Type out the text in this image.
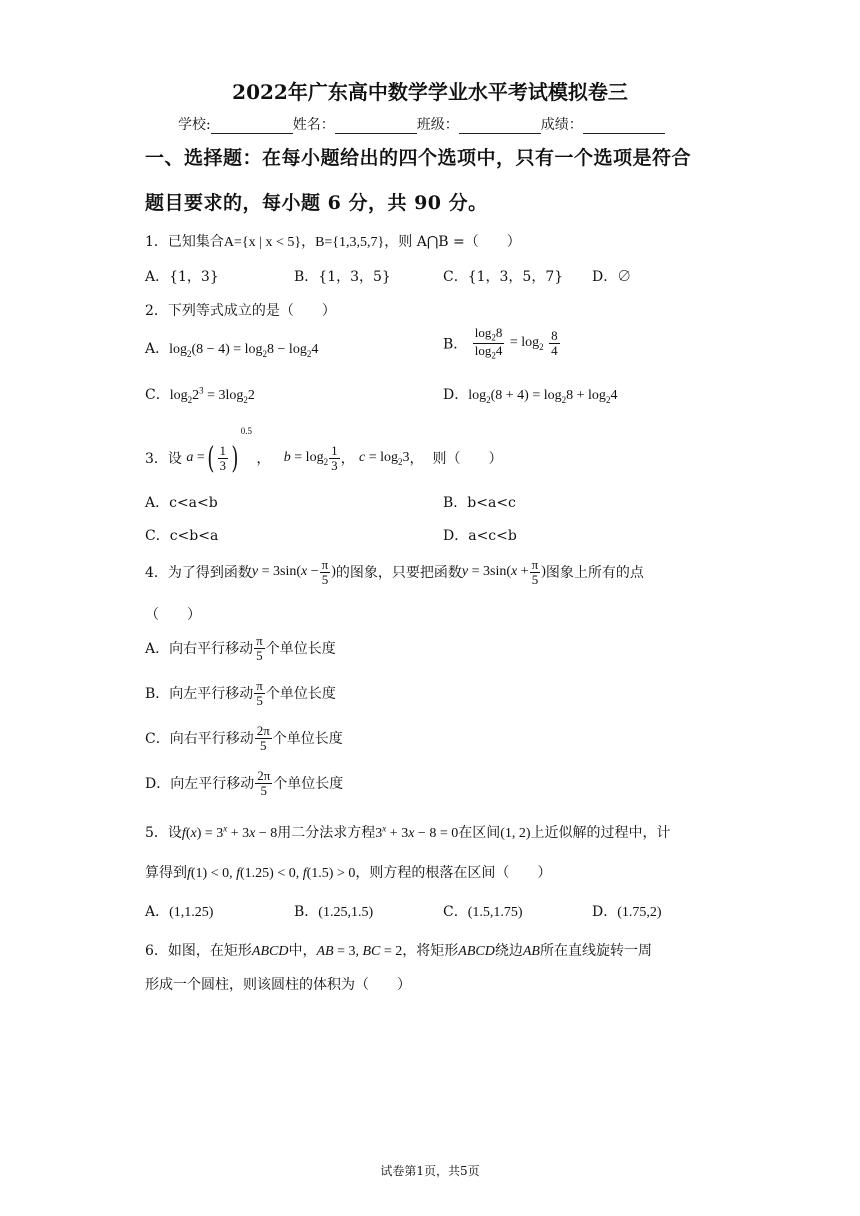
2022年广东高中数学学业水平考试模拟卷三
学校:	姓名：	班级：	成绩：
一、选择题：在每小题给出的四个选项中，只有一个选项是符合
题目要求的，每小题 6 分，共 90 分。
1．已知集合A={x | x < 5}，B={1,3,5,7}，则 A⋂B =（　　）
A．{1，3}	B．{1，3，5}	C．{1，3，5，7} D．∅
2．下列等式成立的是（　　）
A．$\log_2(8 - 4) = \log_28 - \log_24$	B． $\frac{\log_28}{\log_24} = \log_2 \frac{8}{4}$
C．$\log_22^3 = 3\log_22$	D．$\log_2(8 + 4) = \log_28 + \log_24$
3．设 a =( $\frac{1}{3} )^{0.5}$ ，   $b = \log_2 \frac{1}{3}$ ， $c = \log_23$，  则（　　）
A．c<a<b	B．b<a<c
C．c<b<a	D．a<c<b
4．为了得到函数$y = 3\sin(x - \frac{\pi}{5}$ )的图象，只要把函数$y = 3\sin(x + \frac{\pi}{5}$ )图象上所有的点
（　　）
A．向右平行移动 $\frac{\pi}{5}$ 个单位长度
B．向左平行移动 $\frac{\pi}{5}$ 个单位长度
C．向右平行移动 $\frac{2\pi}{5}$ 个单位长度
D．向左平行移动 $\frac{2\pi}{5}$ 个单位长度
5．设$f(x) = 3^x + 3x - 8$用二分法求方程$3^x + 3x - 8 = 0$在区间(1, 2)上近似解的过程中，计
算得到f(1) < 0, f(1.25) < 0, f(1.5) > 0，则方程的根落在区间（　　）
A．(1,1.25)	B．(1.25,1.5)	C．(1.5,1.75)	D．(1.75,2)
6．如图，在矩形ABCD中，AB = 3, BC = 2，将矩形ABCD绕边AB所在直线旋转一周
形成一个圆柱，则该圆柱的体积为（　　）
试卷第1页，共5页
